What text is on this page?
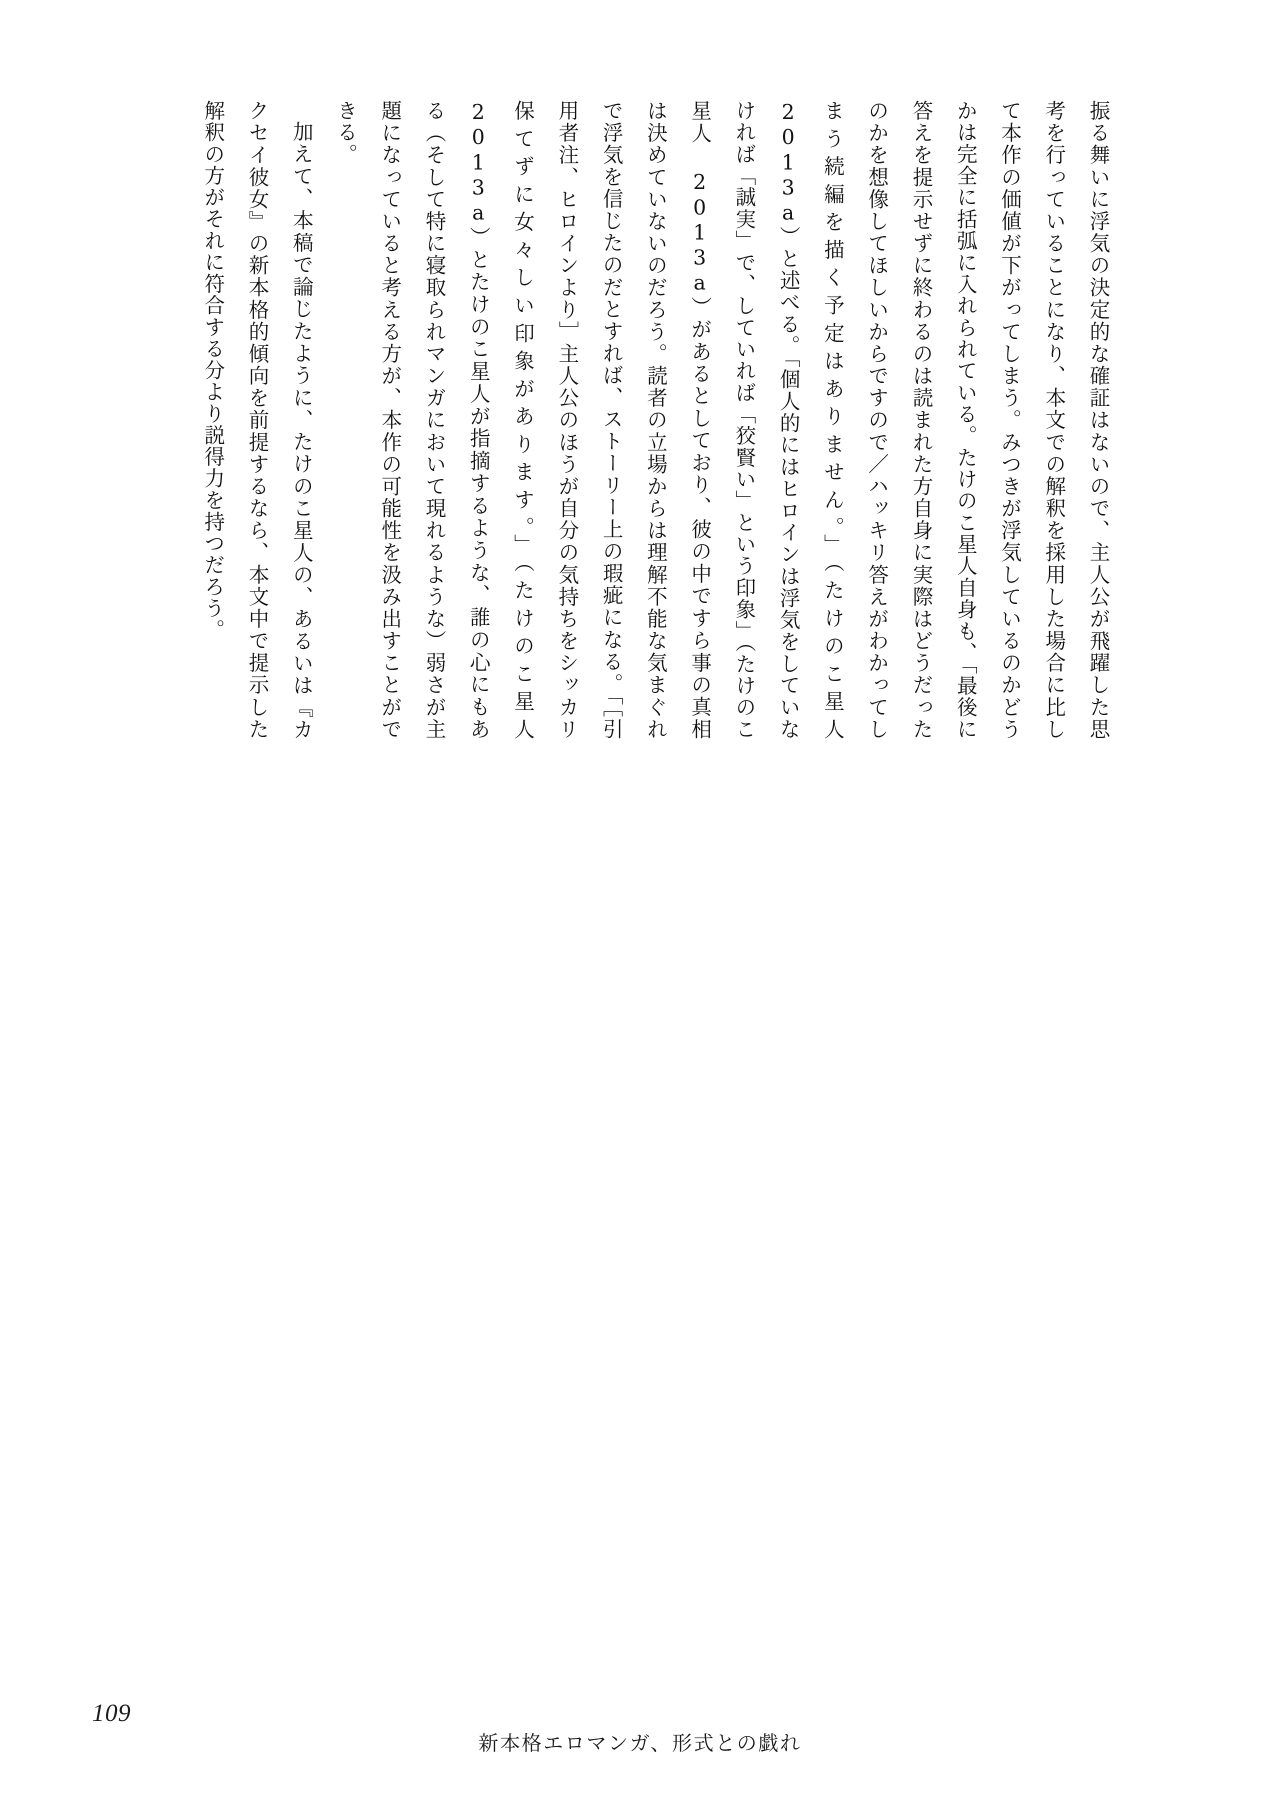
振る舞いに浮気の決定的な確証はないので、主人公が飛躍した思考を行っていることになり、本文での解釈を採用した場合に比して本作の価値が下がってしまう。みつきが浮気しているのかどうかは完全に括弧に入れられている。たけのこ星人自身も、「最後に答えを提示せずに終わるのは読まれた方自身に実際はどうだったのかを想像してほしいからですので／ハッキリ答えがわかってしまう続編を描く予定はありません。」（たけのこ星人 2013a）と述べる。「個人的にはヒロインは浮気をしていなければ「誠実」で、していれば「狡賢い」という印象」（たけのこ星人 2013a）があるとしており、彼の中ですら事の真相は決めていないのだろう。読者の立場からは理解不能な気まぐれで浮気を信じたのだとすれば、ストーリー上の瑕疵になる。「［引用者注、ヒロインより］主人公のほうが自分の気持ちをシッカリ保てずに女々しい印象があります。」（たけのこ星人 2013a）とたけのこ星人が指摘するような、誰の心にもある（そして特に寝取られマンガにおいて現れるような）弱さが主題になっていると考える方が、本作の可能性を汲み出すことができる。

加えて、本稿で論じたように、たけのこ星人の、あるいは『カクセイ彼女』の新本格的傾向を前提するなら、本文中で提示した解釈の方がそれに符合する分より説得力を持つだろう。

109
新本格エロマンガ、形式との戯れ
